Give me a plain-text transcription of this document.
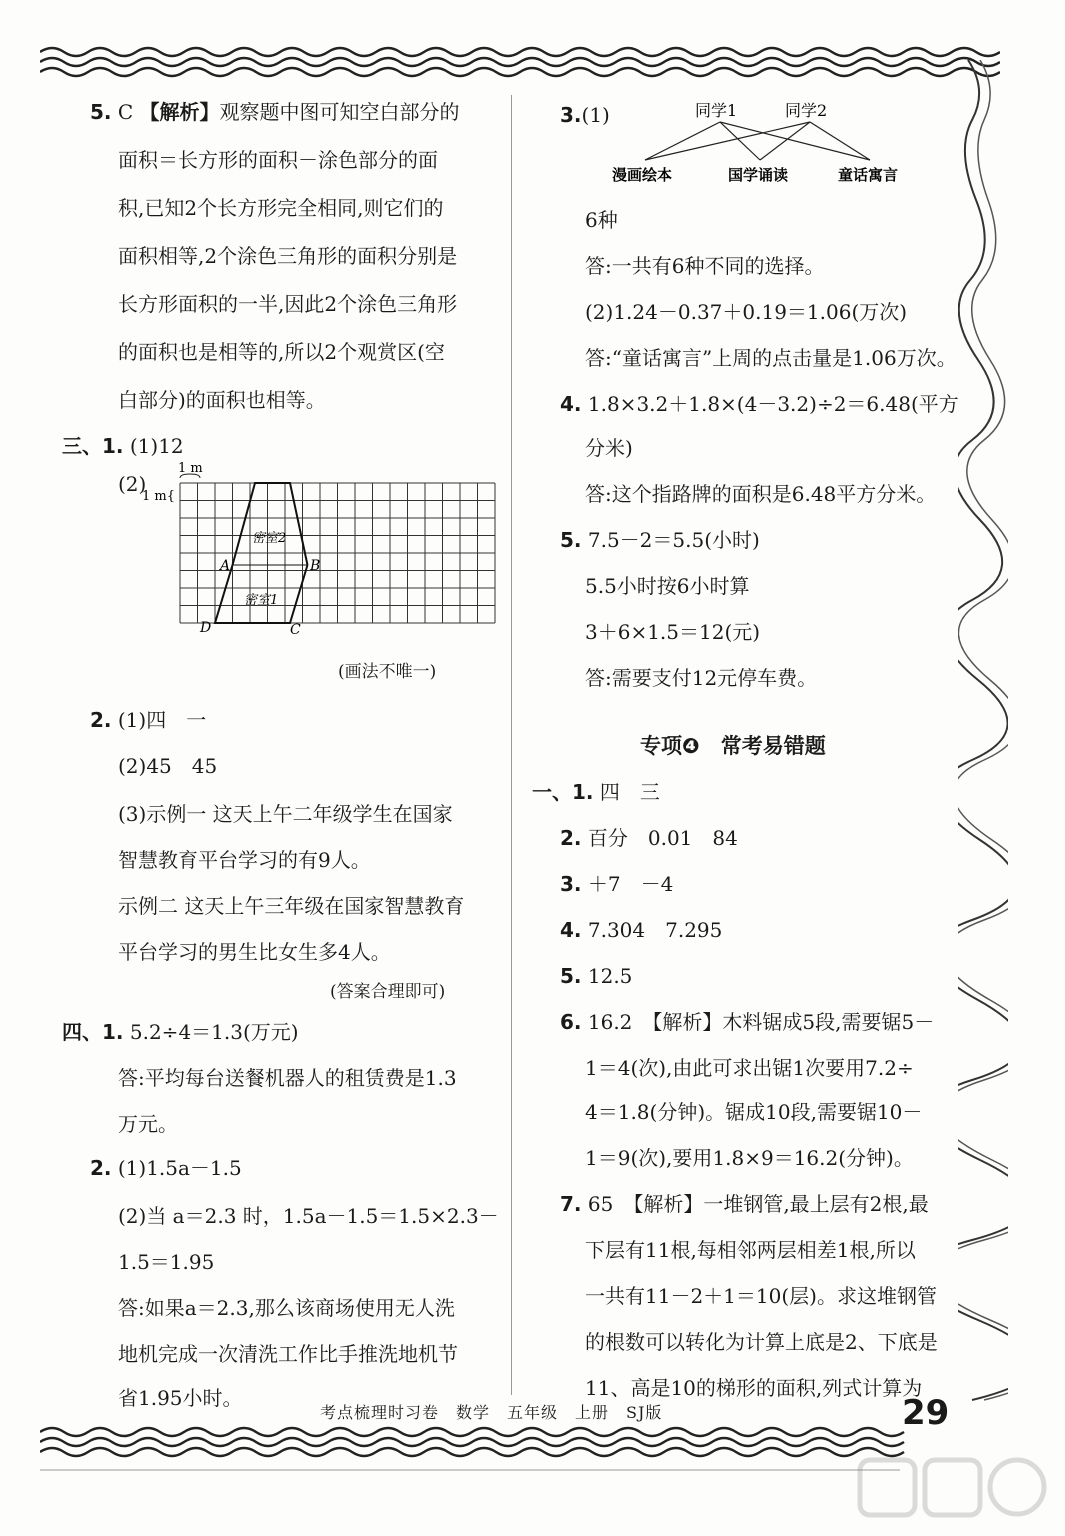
5. C 【解析】观察题中图可知空白部分的
面积＝长方形的面积－涂色部分的面
积,已知2个长方形完全相同,则它们的
面积相等,2个涂色三角形的面积分别是
长方形面积的一半,因此2个涂色三角形
的面积也是相等的,所以2个观赏区(空
白部分)的面积也相等。
三、1. (1)12
(2)
1 m
1 m{
密室2
密室1
A	B
D	C
(画法不唯一)
2. (1)四　一
(2)45　45
(3)示例一 这天上午二年级学生在国家
智慧教育平台学习的有9人。
示例二 这天上午三年级在国家智慧教育
平台学习的男生比女生多4人。
(答案合理即可)
四、1. 5.2÷4＝1.3(万元)
答:平均每台送餐机器人的租赁费是1.3
万元。
2. (1)1.5a－1.5
(2)当 a＝2.3 时，1.5a－1.5＝1.5×2.3－
1.5＝1.95
答:如果a＝2.3,那么该商场使用无人洗
地机完成一次清洗工作比手推洗地机节
省1.95小时。
3.(1)	同学1	同学2
漫画绘本	国学诵读	童话寓言
6种
答:一共有6种不同的选择。
(2)1.24－0.37＋0.19＝1.06(万次)
答:“童话寓言”上周的点击量是1.06万次。
4. 1.8×3.2＋1.8×(4－3.2)÷2＝6.48(平方
分米)
答:这个指路牌的面积是6.48平方分米。
5. 7.5－2＝5.5(小时)
5.5小时按6小时算
3＋6×1.5＝12(元)
答:需要支付12元停车费。
专项❹　常考易错题
一、1. 四　三
2. 百分　0.01　84
3. ＋7　－4
4. 7.304　7.295
5. 12.5
6. 16.2　【解析】木料锯成5段,需要锯5－
1＝4(次),由此可求出锯1次要用7.2÷
4＝1.8(分钟)。锯成10段,需要锯10－
1＝9(次),要用1.8×9＝16.2(分钟)。
7. 65　【解析】一堆钢管,最上层有2根,最
下层有11根,每相邻两层相差1根,所以
一共有11－2＋1＝10(层)。求这堆钢管
的根数可以转化为计算上底是2、下底是
11、高是10的梯形的面积,列式计算为
考点梳理时习卷　数学　五年级　上册　SJ版	29
